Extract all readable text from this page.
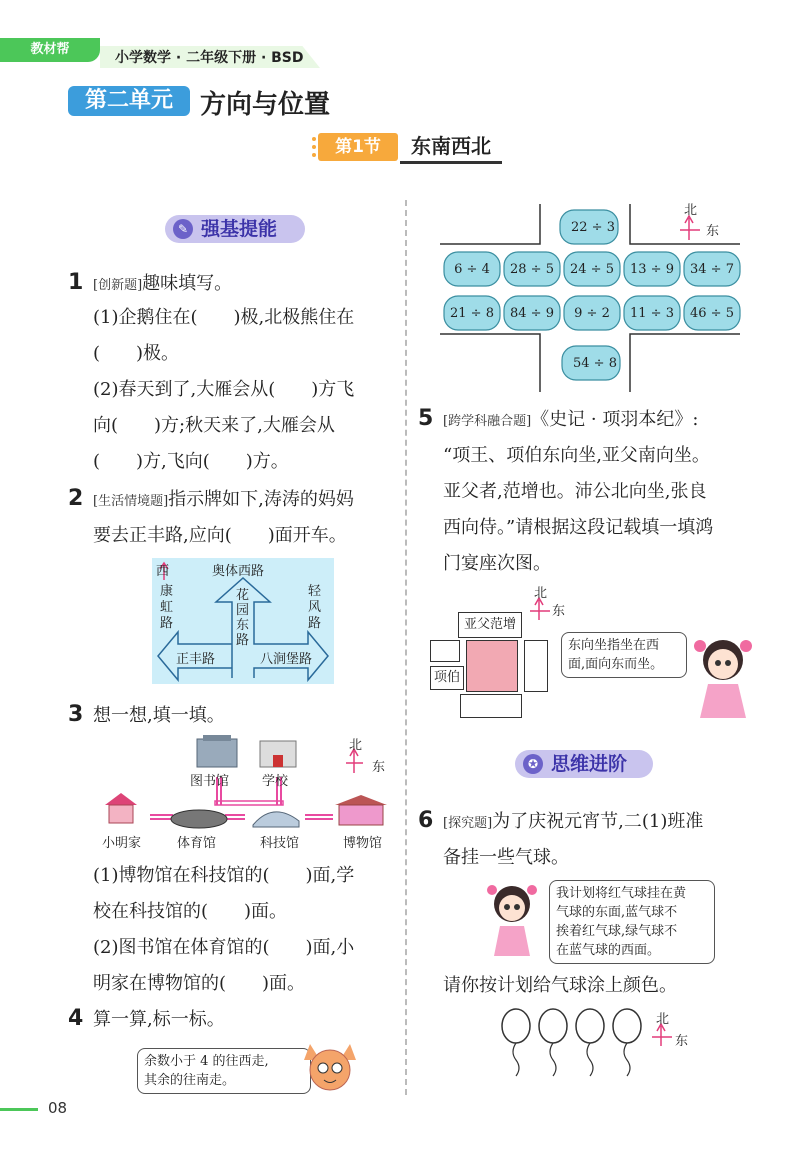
教材帮
小学数学 · 二年级下册 · BSD
第二单元	方向与位置
第1节	东南西北
✎ 强基提能
1 [创新题]趣味填写。
(1)企鹅住在(　　)极,北极熊住在
(　　)极。
(2)春天到了,大雁会从(　　)方飞
向(　　)方;秋天来了,大雁会从
(　　)方,飞向(　　)方。
2 [生活情境题]指示牌如下,涛涛的妈妈
要去正丰路,应向(　　)面开车。
西	奥体西路
康虹路
花园东路
轻风路
正丰路	八涧堡路
3 想一想,填一填。
图书馆	学校
小明家	体育馆	科技馆	博物馆
北
东
(1)博物馆在科技馆的(　　)面,学
校在科技馆的(　　)面。
(2)图书馆在体育馆的(　　)面,小
明家在博物馆的(　　)面。
4 算一算,标一标。
余数小于 4 的往西走,
其余的往南走。
08
22 ÷ 3
6 ÷ 4	28 ÷ 5	24 ÷ 5	13 ÷ 9	34 ÷ 7
21 ÷ 8	84 ÷ 9	9 ÷ 2	11 ÷ 3	46 ÷ 5
54 ÷ 8
北
东
5 [跨学科融合题]《史记 · 项羽本纪》:
“项王、项伯东向坐,亚父南向坐。
亚父者,范增也。沛公北向坐,张良
西向侍。”请根据这段记载填一填鸿
门宴座次图。
北
东
亚父范增
项伯
东向坐指坐在西
面,面向东而坐。
✪ 思维进阶
6 [探究题]为了庆祝元宵节,二(1)班准
备挂一些气球。
我计划将红气球挂在黄
气球的东面,蓝气球不
挨着红气球,绿气球不
在蓝气球的西面。
请你按计划给气球涂上颜色。
北
东
